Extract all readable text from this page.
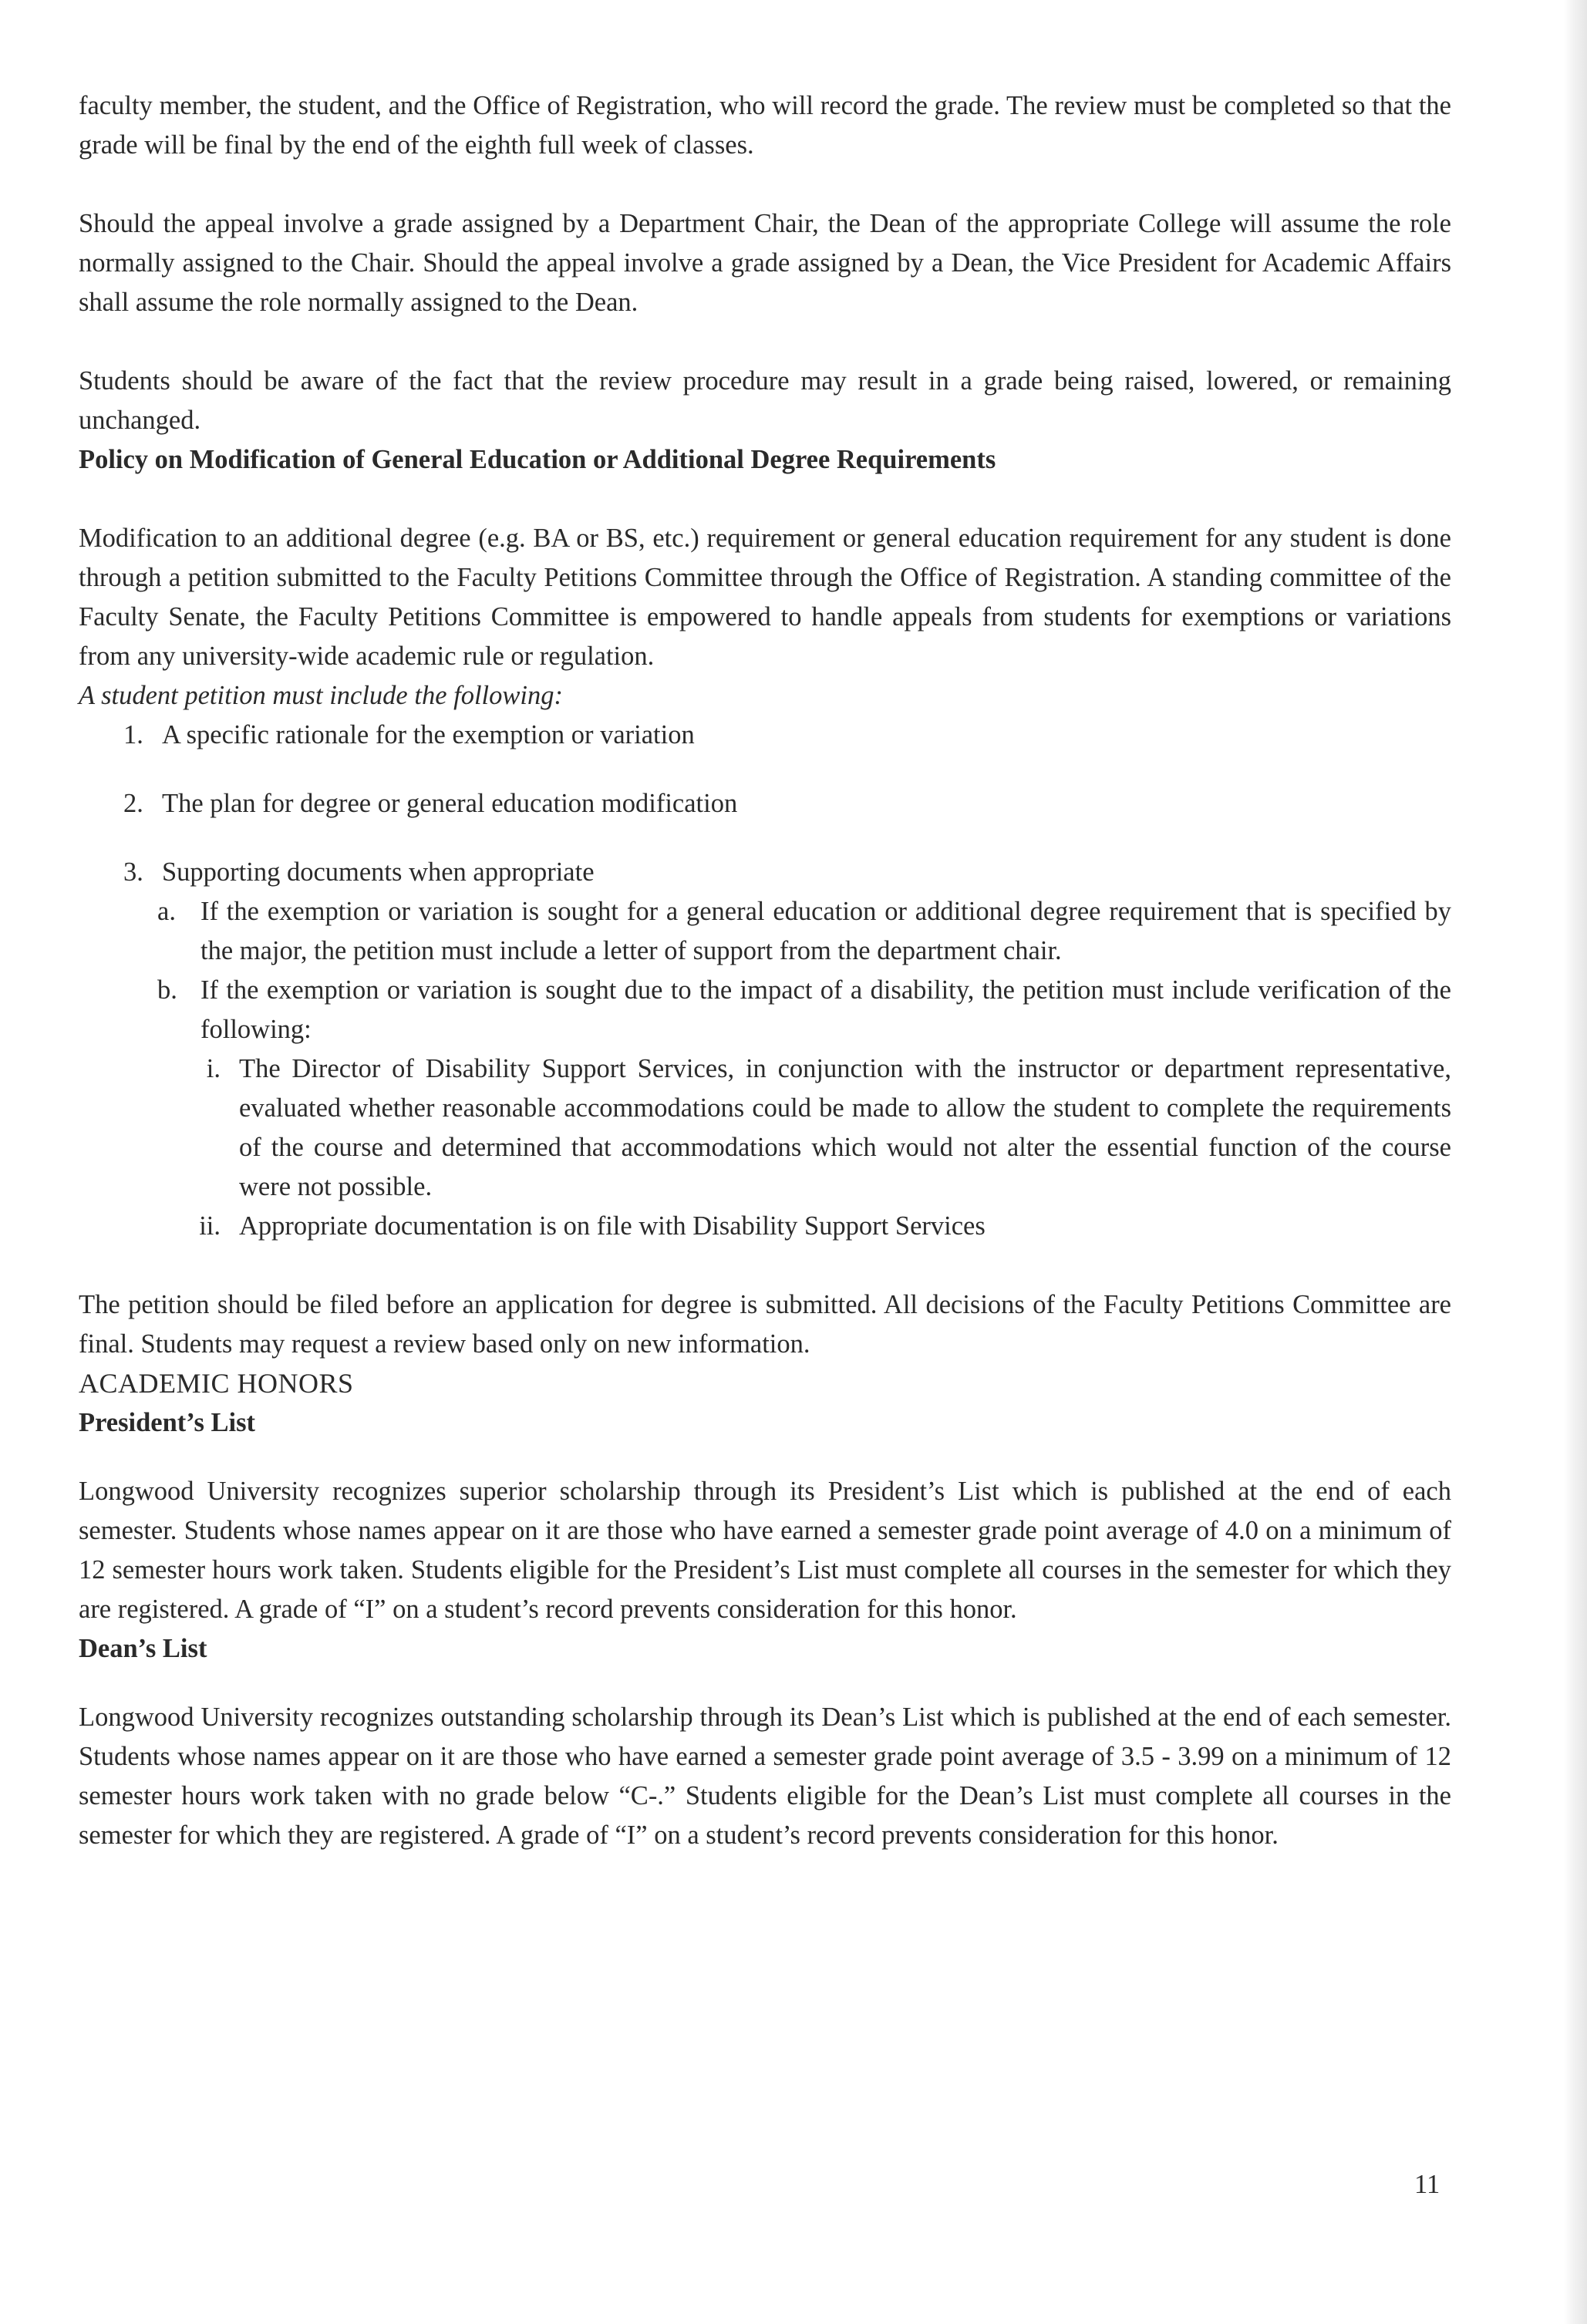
faculty member, the student, and the Office of Registration, who will record the grade. The review must be completed so that the grade will be final by the end of the eighth full week of classes.

Should the appeal involve a grade assigned by a Department Chair, the Dean of the appropriate College will assume the role normally assigned to the Chair. Should the appeal involve a grade assigned by a Dean, the Vice President for Academic Affairs shall assume the role normally assigned to the Dean.

Students should be aware of the fact that the review procedure may result in a grade being raised, lowered, or remaining unchanged.

Policy on Modification of General Education or Additional Degree Requirements

Modification to an additional degree (e.g. BA or BS, etc.) requirement or general education requirement for any student is done through a petition submitted to the Faculty Petitions Committee through the Office of Registration. A standing committee of the Faculty Senate, the Faculty Petitions Committee is empowered to handle appeals from students for exemptions or variations from any university-wide academic rule or regulation.

A student petition must include the following:

1. A specific rationale for the exemption or variation
2. The plan for degree or general education modification
3. Supporting documents when appropriate
a. If the exemption or variation is sought for a general education or additional degree requirement that is specified by the major, the petition must include a letter of support from the department chair.

b. If the exemption or variation is sought due to the impact of a disability, the petition must include verification of the following:

i. The Director of Disability Support Services, in conjunction with the instructor or department representative, evaluated whether reasonable accommodations could be made to allow the student to complete the requirements of the course and determined that accommodations which would not alter the essential function of the course were not possible.

ii. Appropriate documentation is on file with Disability Support Services

The petition should be filed before an application for degree is submitted. All decisions of the Faculty Petitions Committee are final. Students may request a review based only on new information.

ACADEMIC HONORS
President’s List

Longwood University recognizes superior scholarship through its President’s List which is published at the end of each semester. Students whose names appear on it are those who have earned a semester grade point average of 4.0 on a minimum of 12 semester hours work taken. Students eligible for the President’s List must complete all courses in the semester for which they are registered. A grade of “I” on a student’s record prevents consideration for this honor.

Dean’s List

Longwood University recognizes outstanding scholarship through its Dean’s List which is published at the end of each semester. Students whose names appear on it are those who have earned a semester grade point average of 3.5 - 3.99 on a minimum of 12 semester hours work taken with no grade below “C-.” Students eligible for the Dean’s List must complete all courses in the semester for which they are registered. A grade of “I” on a student’s record prevents consideration for this honor.

11
